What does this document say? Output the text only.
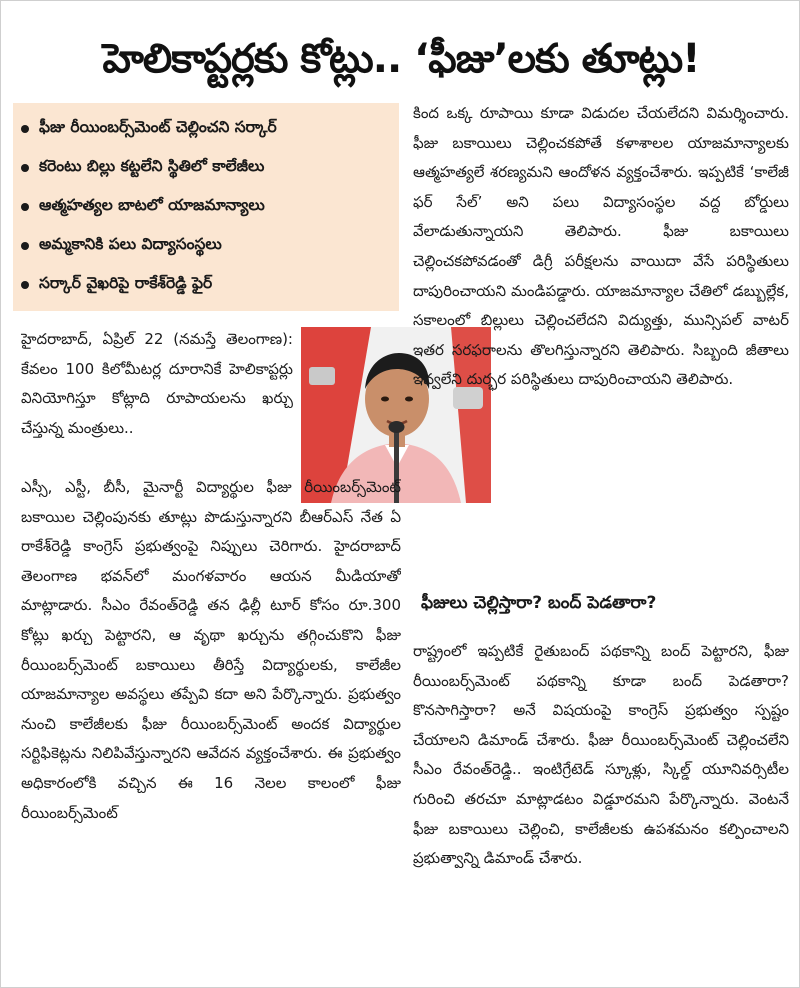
హెలికాప్టర్లకు కోట్లు.. ‘ఫీజు’లకు తూట్లు!
ఫీజు రీయింబర్స్‌మెంట్ చెల్లించని సర్కార్
కరెంటు బిల్లు కట్టలేని స్థితిలో కాలేజీలు
ఆత్మహత్యల బాటలో యాజమాన్యాలు
అమ్మకానికి పలు విద్యాసంస్థలు
సర్కార్ వైఖరిపై రాకేశ్‌రెడ్డి ఫైర్
హైదరాబాద్, ఏప్రిల్ 22 (నమస్తే తెలంగాణ): కేవలం 100 కిలోమీటర్ల దూరానికే హెలికాప్టర్లు వినియోగిస్తూ కోట్లాది రూపాయలను ఖర్చు చేస్తున్న మంత్రులు..
ఎస్సీ, ఎస్టీ, బీసీ, మైనార్టీ విద్యార్థుల ఫీజు రీయింబర్స్‌మెంట్ బకాయిల చెల్లింపునకు తూట్లు పొడుస్తున్నారని బీఆర్‌ఎస్ నేత ఏ రాకేశ్‌రెడ్డి కాంగ్రెస్ ప్రభుత్వంపై నిప్పులు చెరిగారు. హైదరాబాద్ తెలంగాణ భవన్‌లో మంగళవారం ఆయన మీడియాతో మాట్లాడారు. సీఎం రేవంత్‌రెడ్డి తన ఢిల్లీ టూర్ కోసం రూ.300 కోట్లు ఖర్చు పెట్టారని, ఆ వృథా ఖర్చును తగ్గించుకొని ఫీజు రీయింబర్స్‌మెంట్ బకాయిలు తీరిస్తే విద్యార్థులకు, కాలేజీల యాజమాన్యాల అవస్థలు తప్పేవి కదా అని పేర్కొన్నారు. ప్రభుత్వం నుంచి కాలేజీలకు ఫీజు రీయింబర్స్‌మెంట్ అందక విద్యార్థుల సర్టిఫికెట్లను నిలిపివేస్తున్నారని ఆవేదన వ్యక్తంచేశారు. ఈ ప్రభుత్వం అధికారంలోకి వచ్చిన ఈ 16 నెలల కాలంలో ఫీజు రీయింబర్స్‌మెంట్
కింద ఒక్క రూపాయి కూడా విడుదల చేయలేదని విమర్శించారు. ఫీజు బకాయిలు చెల్లించకపోతే కళాశాలల యాజమాన్యాలకు ఆత్మహత్యలే శరణ్యమని ఆందోళన వ్యక్తంచేశారు. ఇప్పటికే ‘కాలేజీ ఫర్ సేల్’ అని పలు విద్యాసంస్థల వద్ద బోర్డులు వేలాడుతున్నాయని తెలిపారు. ఫీజు బకాయిలు చెల్లించకపోవడంతో డిగ్రీ పరీక్షలను వాయిదా వేసే పరిస్థితులు దాపురించాయని మండిపడ్డారు. యాజమాన్యాల చేతిలో డబ్బుల్లేక, సకాలంలో బిల్లులు చెల్లించలేదని విద్యుత్తు, మున్సిపల్ వాటర్ ఇతర సరఫరాలను తొలగిస్తున్నారని తెలిపారు. సిబ్బంది జీతాలు ఇవ్వలేని దుర్భర పరిస్థితులు దాపురించాయని తెలిపారు.
ఫీజులు చెల్లిస్తారా? బంద్ పెడతారా?
రాష్ట్రంలో ఇప్పటికే రైతుబంద్ పథకాన్ని బంద్ పెట్టారని, ఫీజు రీయింబర్స్‌మెంట్ పథకాన్ని కూడా బంద్ పెడతారా? కొనసాగిస్తారా? అనే విషయంపై కాంగ్రెస్ ప్రభుత్వం స్పష్టం చేయాలని డిమాండ్ చేశారు. ఫీజు రీయింబర్స్‌మెంట్ చెల్లించలేని సీఎం రేవంత్‌రెడ్డి.. ఇంటిగ్రేటెడ్ స్కూళ్లు, స్కిల్డ్ యూనివర్సిటీల గురించి తరచూ మాట్లాడటం విడ్డూరమని పేర్కొన్నారు. వెంటనే ఫీజు బకాయిలు చెల్లించి, కాలేజీలకు ఉపశమనం కల్పించాలని ప్రభుత్వాన్ని డిమాండ్ చేశారు.
